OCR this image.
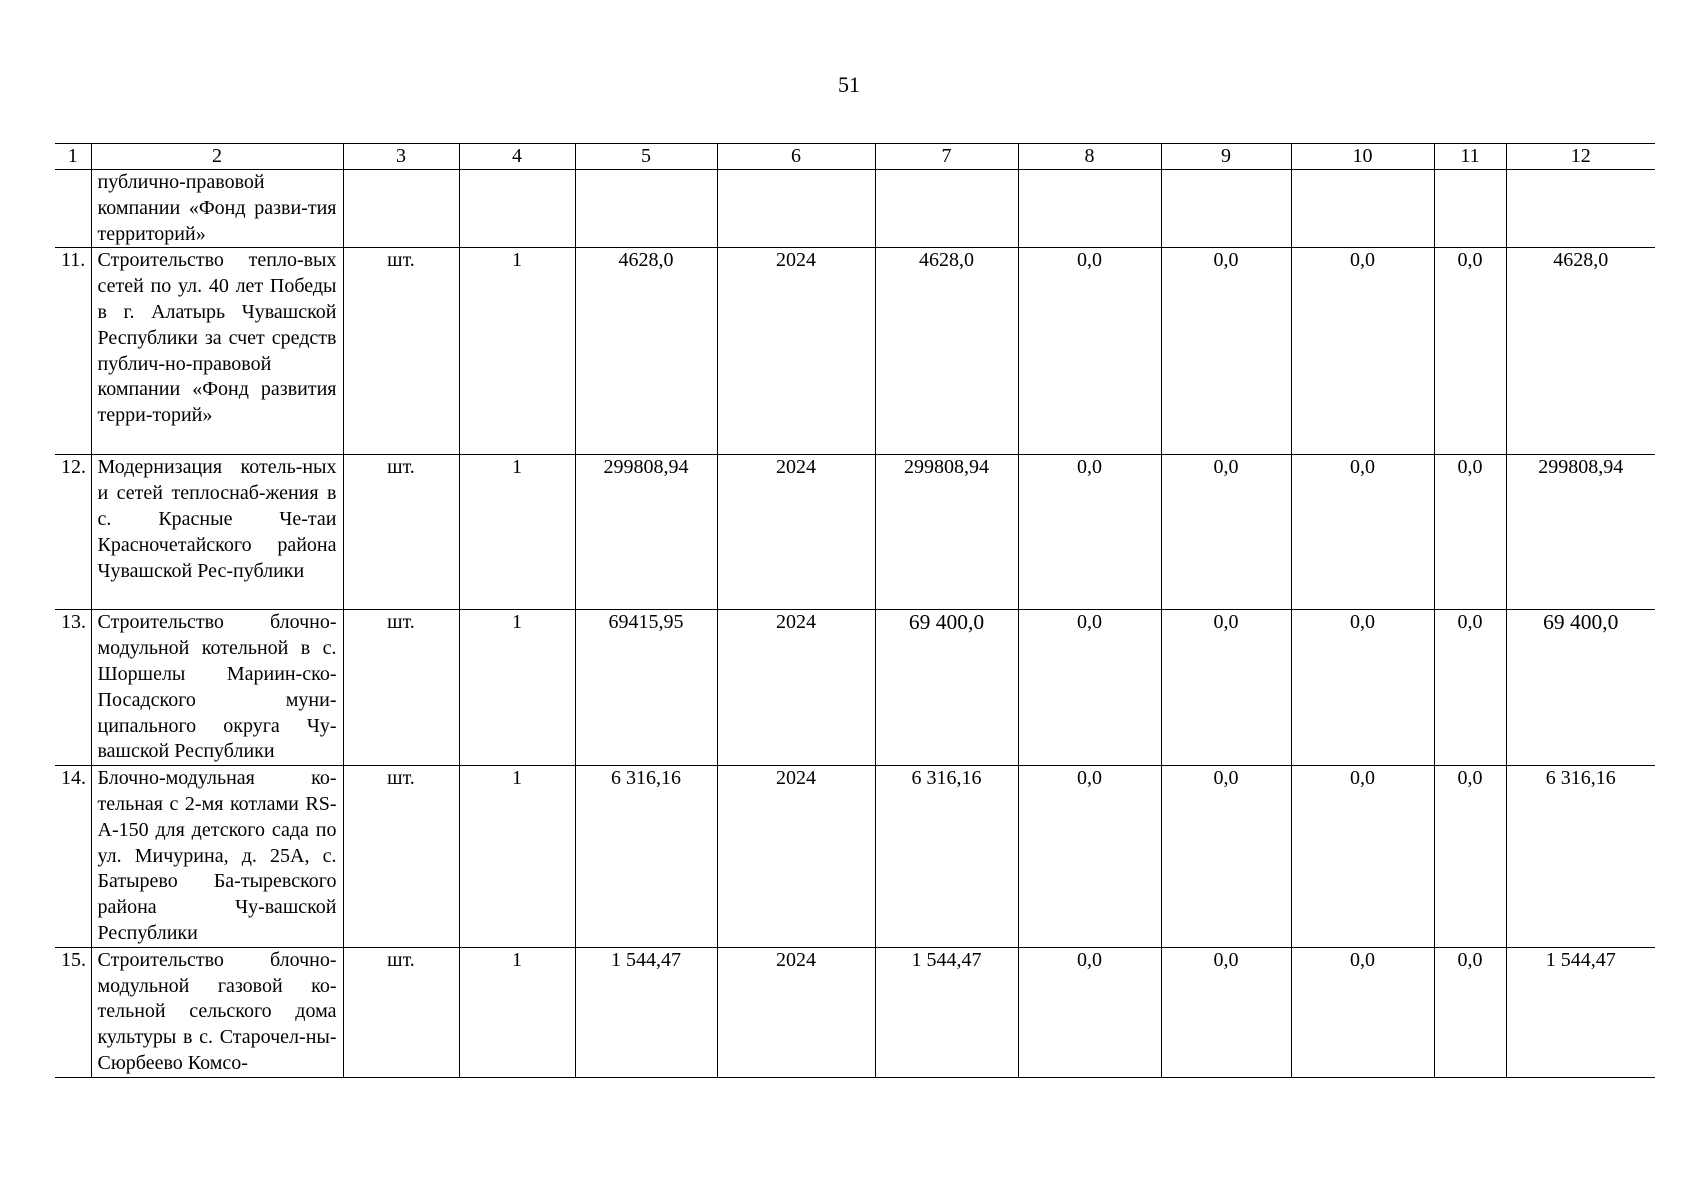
51
1	2	3	4	5	6	7	8	9	10	11	12
	публично-правовой компании «Фонд разви-тия территорий»										
11.	Строительство тепло-вых сетей по ул. 40 лет Победы в г. Алатырь Чувашской Республики за счет средств публич-но-правовой компании «Фонд развития терри-торий»	шт.	1	4628,0	2024	4628,0	0,0	0,0	0,0	0,0	4628,0
12.	Модернизация котель-ных и сетей теплоснаб-жения в с. Красные Че-таи Красночетайского района Чувашской Рес-публики	шт.	1	299808,94	2024	299808,94	0,0	0,0	0,0	0,0	299808,94
13.	Строительство блочно-модульной котельной в с. Шоршелы Мариин-ско-Посадского муни-ципального округа Чу-вашской Республики	шт.	1	69415,95	2024	69 400,0	0,0	0,0	0,0	0,0	69 400,0
14.	Блочно-модульная ко-тельная с 2-мя котлами RS-A-150 для детского сада по ул. Мичурина, д. 25А, с. Батырево Ба-тыревского района Чу-вашской Республики	шт.	1	6 316,16	2024	6 316,16	0,0	0,0	0,0	0,0	6 316,16
15.	Строительство блочно-модульной газовой ко-тельной сельского дома культуры в с. Старочел-ны-Сюрбеево Комсо-	шт.	1	1 544,47	2024	1 544,47	0,0	0,0	0,0	0,0	1 544,47
